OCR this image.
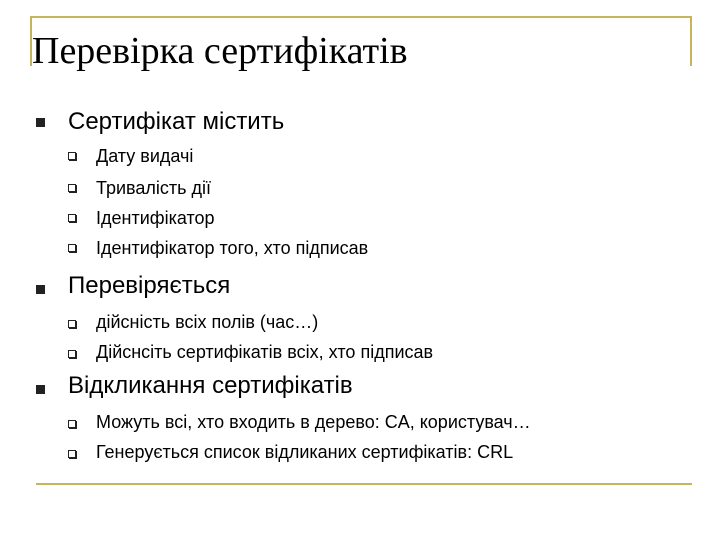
Перевірка сертифікатів
Сертифікат містить
Дату видачі
Тривалість дії
Ідентифікатор
Ідентифікатор того, хто підписав
Перевіряється
дійсність всіх полів (час…)
Дійснсіть сертифікатів всіх, хто підписав
Відкликання сертифікатів
Можуть всі, хто входить в дерево: CA, користувач…
Генерується список відликаних сертифікатів: CRL
